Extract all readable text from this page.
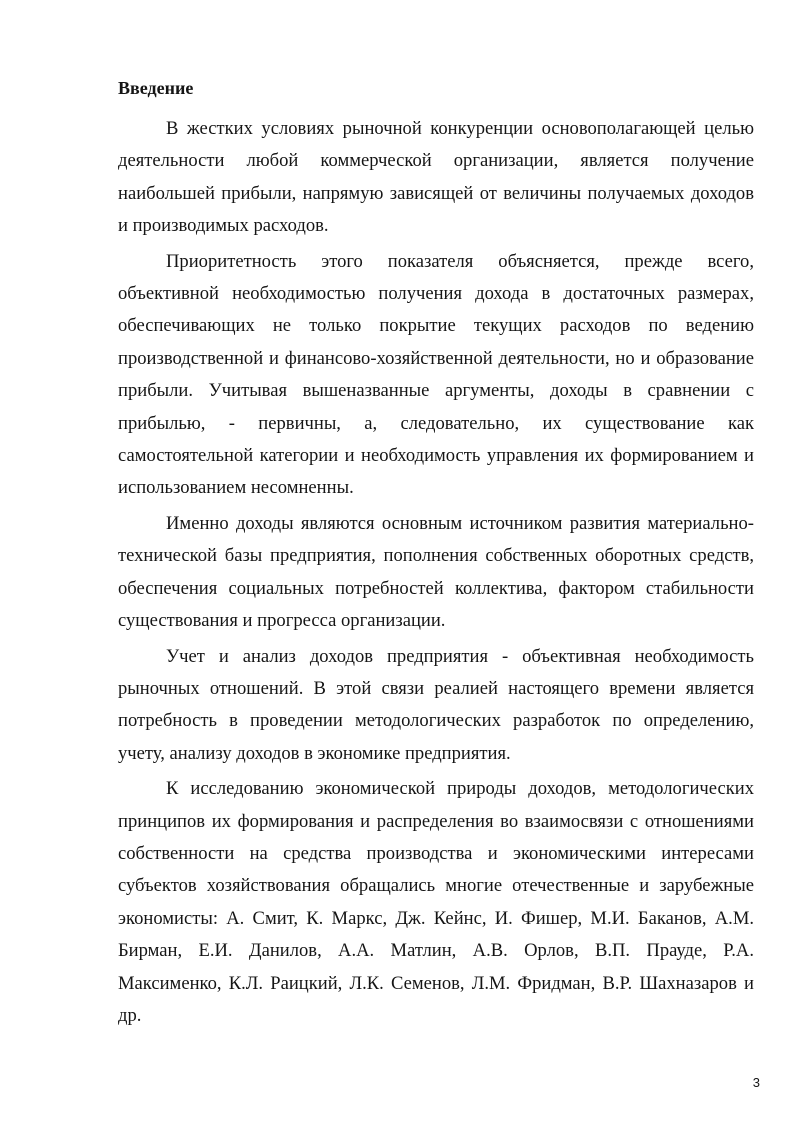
Введение

В жестких условиях рыночной конкуренции основополагающей целью деятельности любой коммерческой организации, является получение наибольшей прибыли, напрямую зависящей от величины получаемых доходов и производимых расходов.

Приоритетность этого показателя объясняется, прежде всего, объективной необходимостью получения дохода в достаточных размерах, обеспечивающих не только покрытие текущих расходов по ведению производственной и финансово-хозяйственной деятельности, но и образование прибыли. Учитывая вышеназванные аргументы, доходы в сравнении с прибылью, - первичны, а, следовательно, их существование как самостоятельной категории и необходимость управления их формированием и использованием несомненны.

Именно доходы являются основным источником развития материально-технической базы предприятия, пополнения собственных оборотных средств, обеспечения социальных потребностей коллектива, фактором стабильности существования и прогресса организации.

Учет и анализ доходов предприятия - объективная необходимость рыночных отношений. В этой связи реалией настоящего времени является потребность в проведении методологических разработок по определению, учету, анализу доходов в экономике предприятия.

К исследованию экономической природы доходов, методологических принципов их формирования и распределения во взаимосвязи с отношениями собственности на средства производства и экономическими интересами субъектов хозяйствования обращались многие отечественные и зарубежные экономисты: А. Смит, К. Маркс, Дж. Кейнс, И. Фишер, М.И. Баканов, А.М. Бирман, Е.И. Данилов, А.А. Матлин, А.В. Орлов, В.П. Прауде, Р.А. Максименко, К.Л. Раицкий, Л.К. Семенов, Л.М. Фридман, В.Р. Шахназаров и др.

3
